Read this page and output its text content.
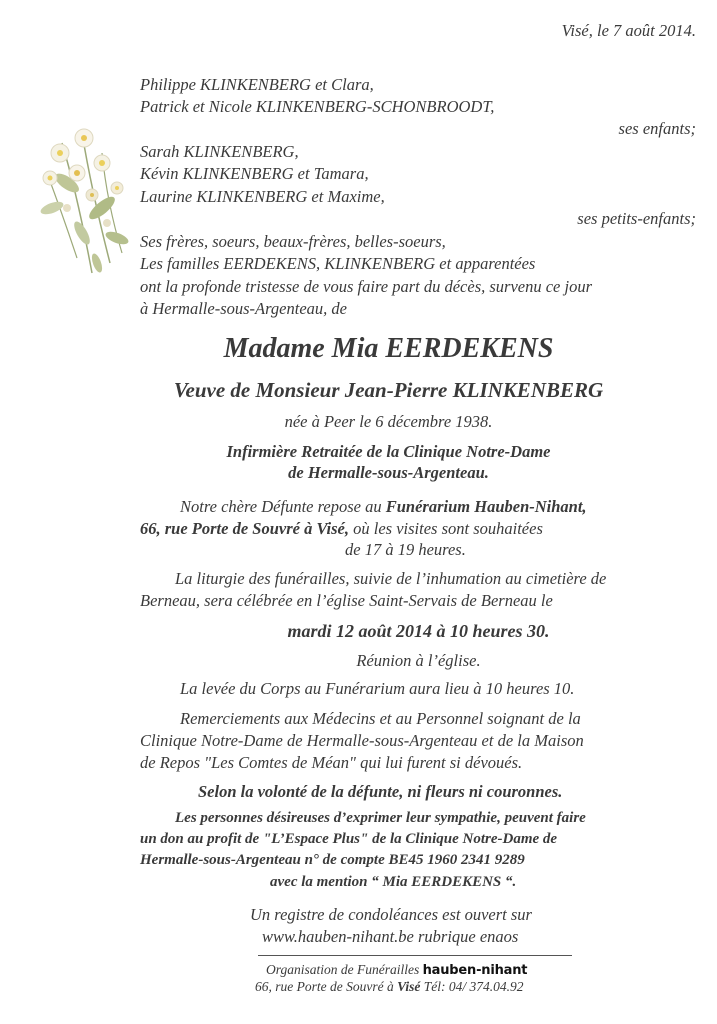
Visé, le 7 août 2014.
Philippe KLINKENBERG et Clara,
Patrick et Nicole KLINKENBERG-SCHONBROODT,
ses enfants;
Sarah KLINKENBERG,
Kévin KLINKENBERG et Tamara,
Laurine KLINKENBERG et Maxime,
ses petits-enfants;
Ses frères, soeurs, beaux-frères, belles-soeurs,
Les familles EERDEKENS, KLINKENBERG et apparentées
ont la profonde tristesse de vous faire part du décès, survenu ce jour
à Hermalle-sous-Argenteau, de
Madame Mia EERDEKENS
Veuve de Monsieur Jean-Pierre KLINKENBERG
née à Peer le 6 décembre 1938.
Infirmière Retraitée de la Clinique Notre-Dame
de Hermalle-sous-Argenteau.
Notre chère Défunte repose au Funérarium Hauben-Nihant,
66, rue Porte de Souvré à Visé, où les visites sont souhaitées
de 17 à 19 heures.
La liturgie des funérailles, suivie de l’inhumation au cimetière de
Berneau, sera célébrée en l’église Saint-Servais de Berneau le
mardi 12 août 2014 à 10 heures 30.
Réunion à l’église.
La levée du Corps au Funérarium aura lieu à 10 heures 10.
Remerciements aux Médecins et au Personnel soignant de la
Clinique Notre-Dame de Hermalle-sous-Argenteau et de la Maison
de Repos "Les Comtes de Méan" qui lui furent si dévoués.
Selon la volonté de la défunte, ni fleurs ni couronnes.
Les personnes désireuses d’exprimer leur sympathie, peuvent faire
un don au profit de "L’Espace Plus" de la Clinique Notre-Dame de
Hermalle-sous-Argenteau n° de compte BE45 1960 2341 9289
avec la mention “ Mia EERDEKENS “.
Un registre de condoléances est ouvert sur
www.hauben-nihant.be rubrique enaos
Organisation de Funérailles hauben-nihant
66, rue Porte de Souvré à Visé Tél: 04/ 374.04.92
